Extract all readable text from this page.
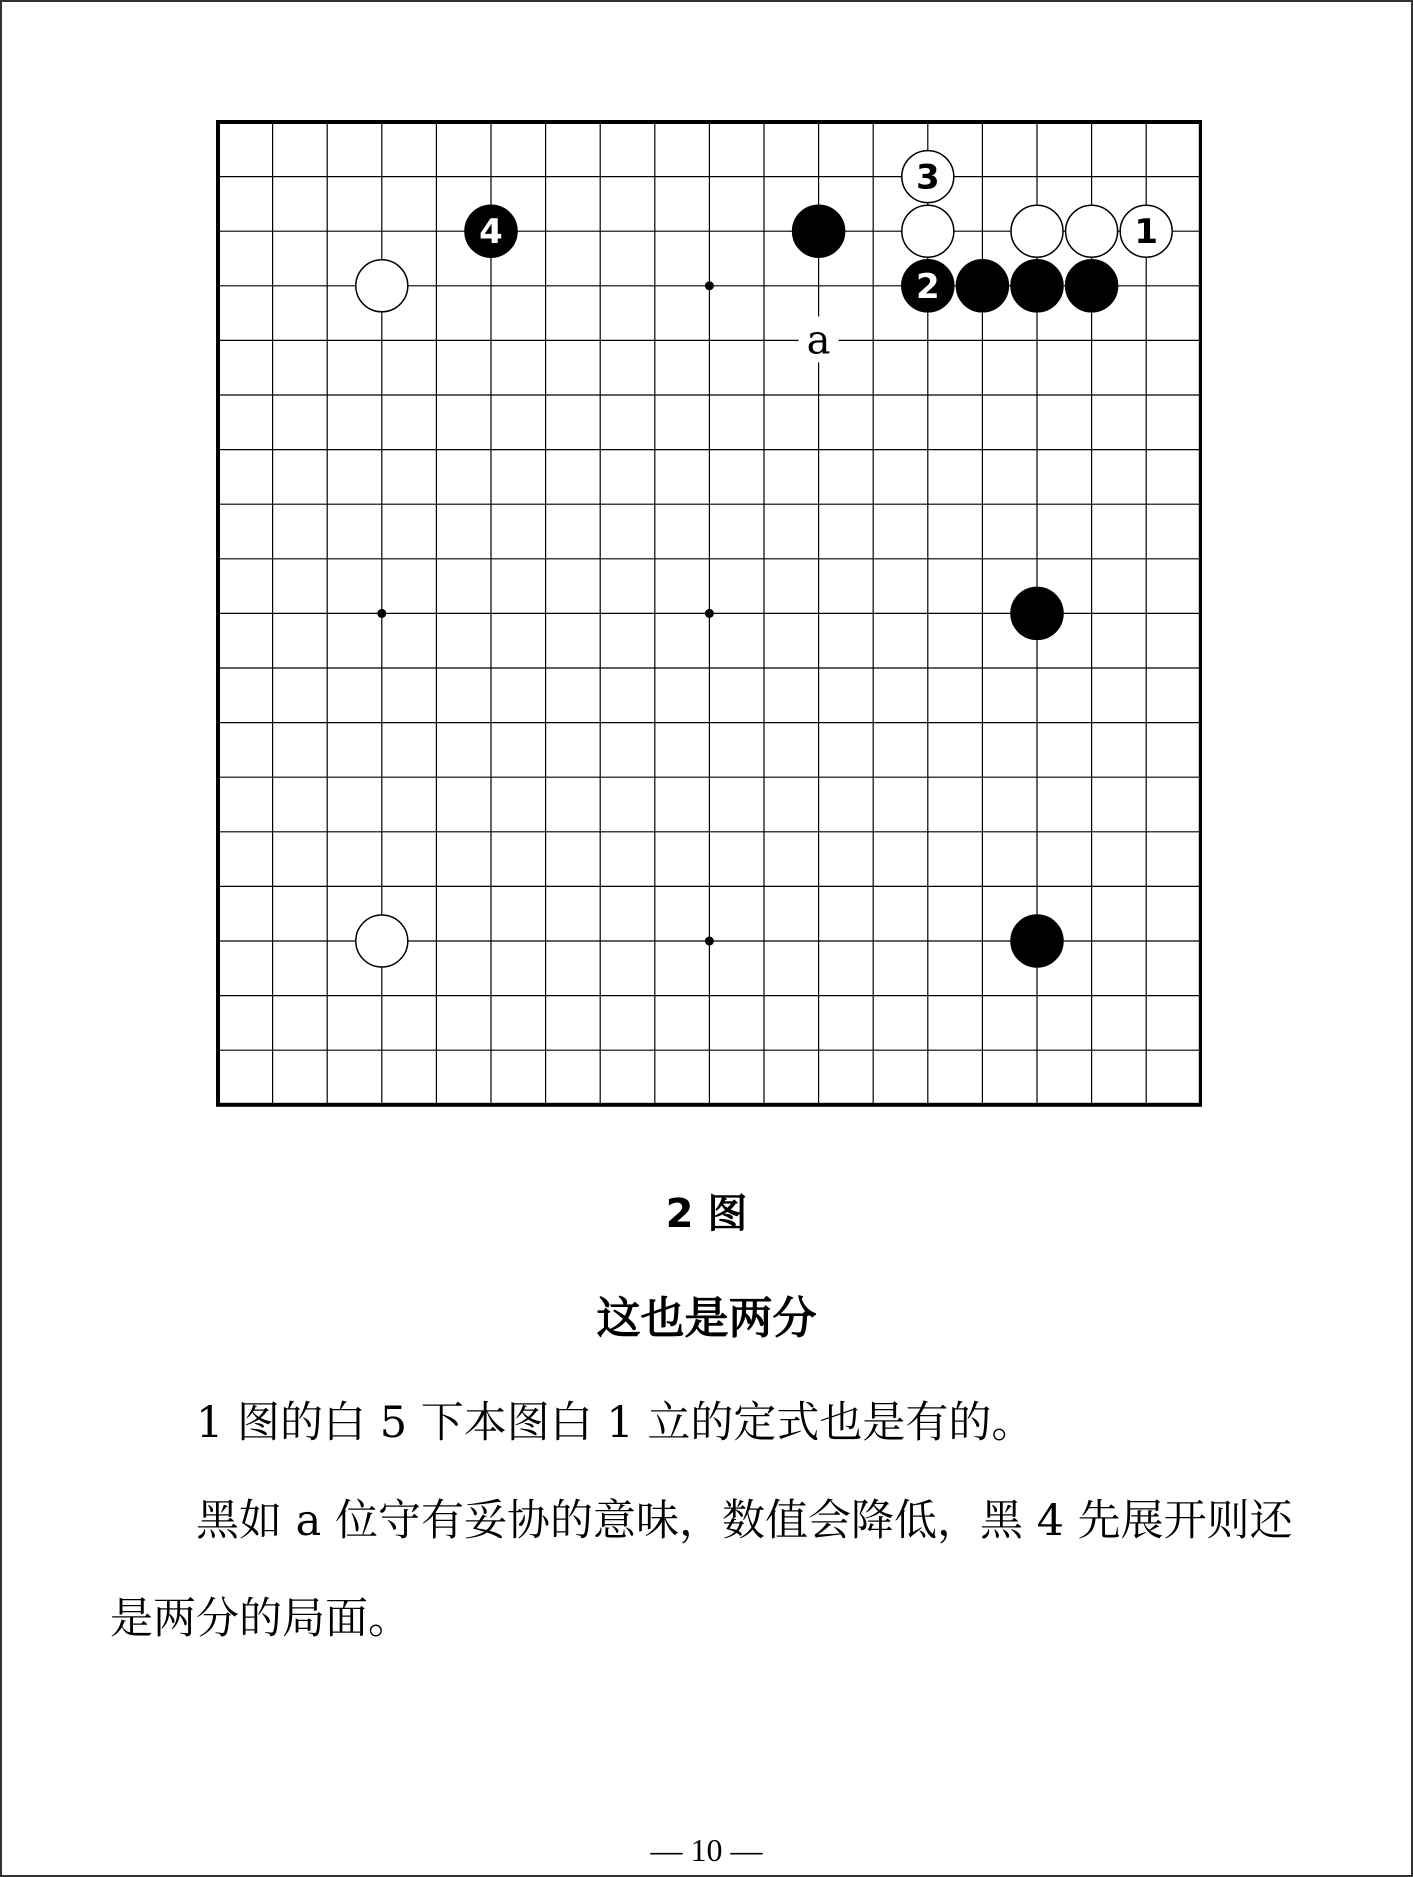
a
4
3
1
2
2 图
这也是两分

1 图的白 5 下本图白 1 立的定式也是有的。

黑如 a 位守有妥协的意味，数值会降低，黑 4 先展开则还是两分的局面。

— 10 —
